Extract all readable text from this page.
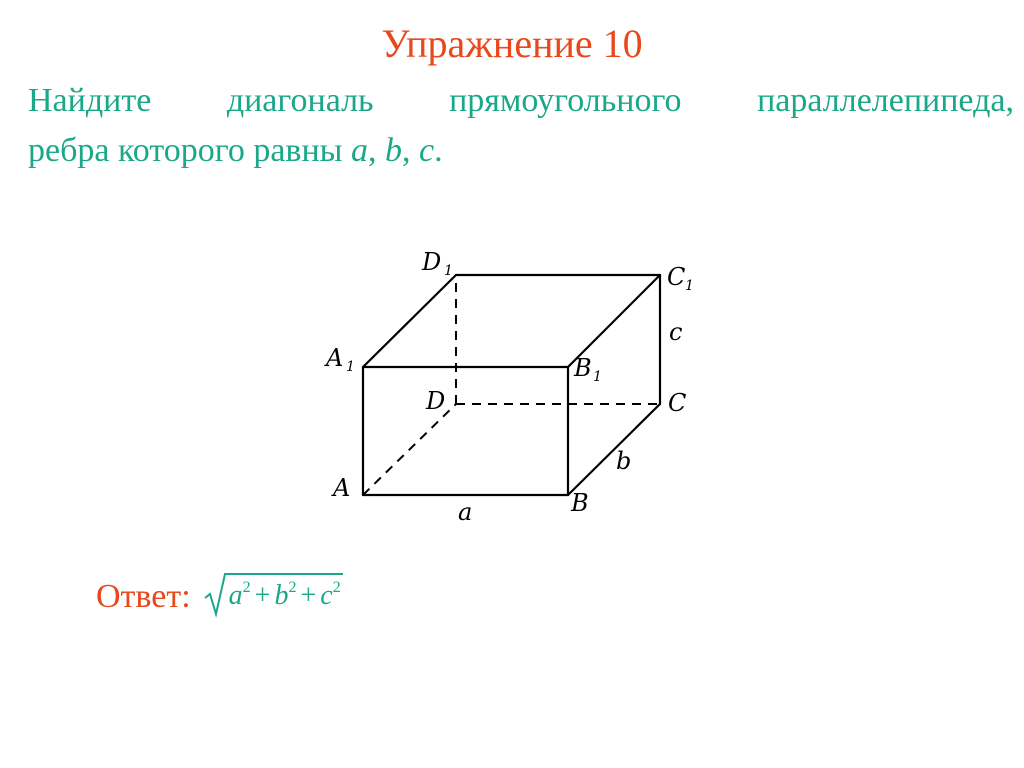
Упражнение 10
Найдите диагональ прямоугольного параллелепипеда,
ребра которого равны a, b, c.
D
C
A	B
D	C
A
B
a
b
c
1
1
1
1
Ответ: $a^2 + b^2 + c^2$
